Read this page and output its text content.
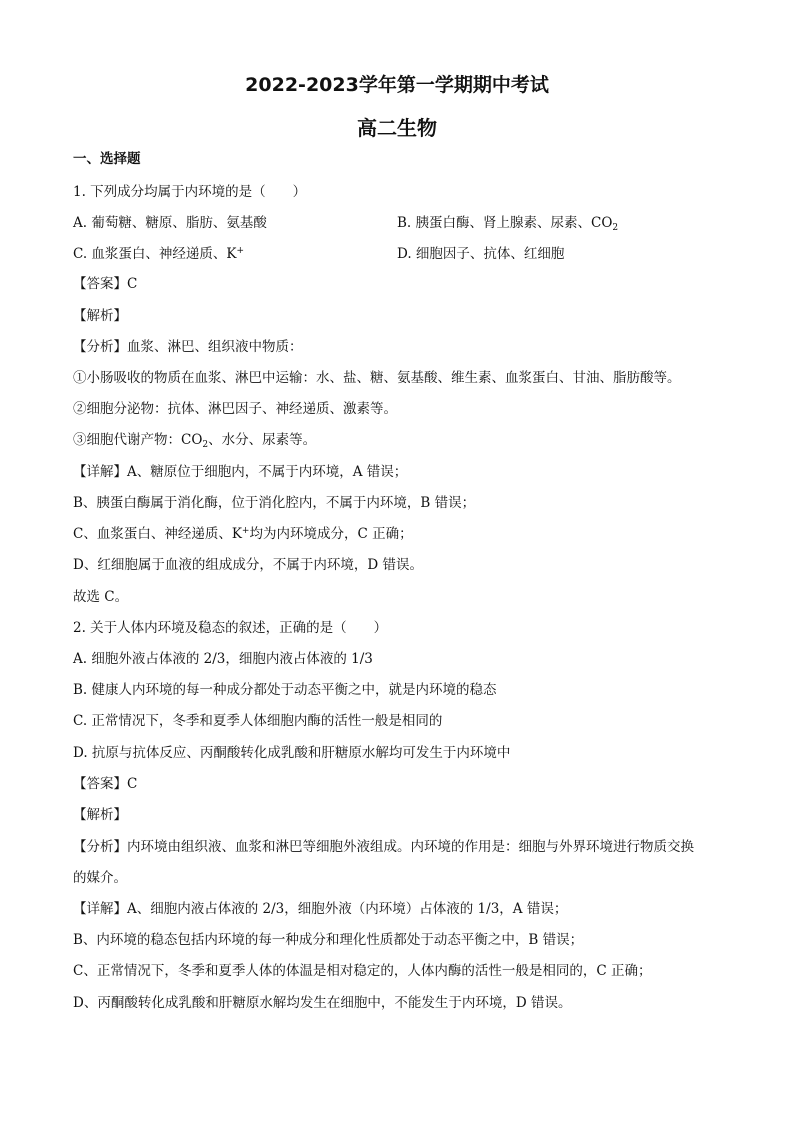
2022-2023学年第一学期期中考试
高二生物
一、选择题
1. 下列成分均属于内环境的是（　　）
A. 葡萄糖、糖原、脂肪、氨基酸	B. 胰蛋白酶、肾上腺素、尿素、$CO_2$
C. 血浆蛋白、神经递质、K+	D. 细胞因子、抗体、红细胞
【答案】C
【解析】
【分析】血浆、淋巴、组织液中物质：
①小肠吸收的物质在血浆、淋巴中运输：水、盐、糖、氨基酸、维生素、血浆蛋白、甘油、脂肪酸等。
②细胞分泌物：抗体、淋巴因子、神经递质、激素等。
③细胞代谢产物：$CO_2$、水分、尿素等。
【详解】A、糖原位于细胞内，不属于内环境，A 错误；
B、胰蛋白酶属于消化酶，位于消化腔内，不属于内环境，B 错误；
C、血浆蛋白、神经递质、K+均为内环境成分，C 正确；
D、红细胞属于血液的组成成分，不属于内环境，D 错误。
故选 C。
2. 关于人体内环境及稳态的叙述，正确的是（　　）
A. 细胞外液占体液的 2/3，细胞内液占体液的 1/3
B. 健康人内环境的每一种成分都处于动态平衡之中，就是内环境的稳态
C. 正常情况下，冬季和夏季人体细胞内酶的活性一般是相同的
D. 抗原与抗体反应、丙酮酸转化成乳酸和肝糖原水解均可发生于内环境中
【答案】C
【解析】
【分析】内环境由组织液、血浆和淋巴等细胞外液组成。内环境的作用是：细胞与外界环境进行物质交换
的媒介。
【详解】A、细胞内液占体液的 2/3，细胞外液（内环境）占体液的 1/3，A 错误；
B、内环境的稳态包括内环境的每一种成分和理化性质都处于动态平衡之中，B 错误；
C、正常情况下，冬季和夏季人体的体温是相对稳定的，人体内酶的活性一般是相同的，C 正确；
D、丙酮酸转化成乳酸和肝糖原水解均发生在细胞中，不能发生于内环境，D 错误。
